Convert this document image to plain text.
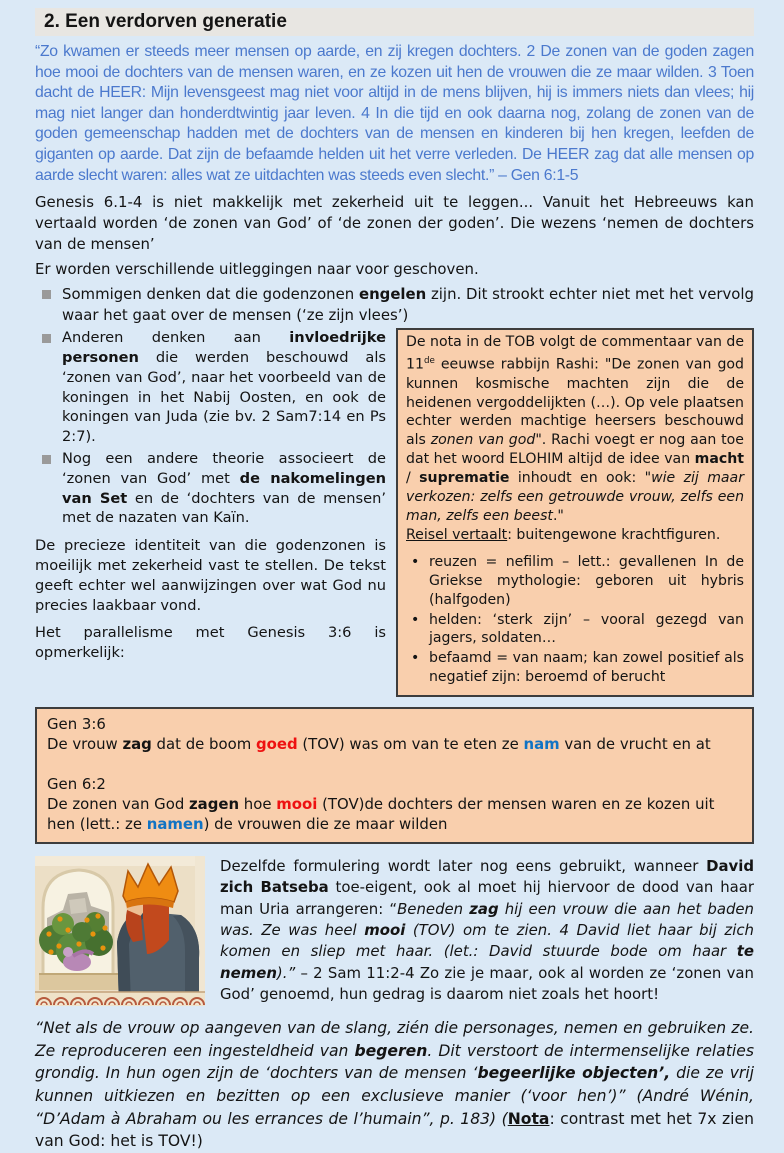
2. Een verdorven generatie

“Zo kwamen er steeds meer mensen op aarde, en zij kregen dochters. 2 De zonen van de goden zagen hoe mooi de dochters van de mensen waren, en ze kozen uit hen de vrouwen die ze maar wilden. 3 Toen dacht de HEER: Mijn levensgeest mag niet voor altijd in de mens blijven, hij is immers niets dan vlees; hij mag niet langer dan honderdtwintig jaar leven. 4 In die tijd en ook daarna nog, zolang de zonen van de goden gemeenschap hadden met de dochters van de mensen en kinderen bij hen kregen, leefden de giganten op aarde. Dat zijn de befaamde helden uit het verre verleden. De HEER zag dat alle mensen op aarde slecht waren: alles wat ze uitdachten was steeds even slecht.” – Gen 6:1-5

Genesis 6.1-4 is niet makkelijk met zekerheid uit te leggen... Vanuit het Hebreeuws kan vertaald worden ‘de zonen van God’ of ‘de zonen der goden’. Die wezens ‘nemen de dochters van de mensen’

Er worden verschillende uitleggingen naar voor geschoven.

Sommigen denken dat die godenzonen engelen zijn. Dit strookt echter niet met het vervolg waar het gaat over de mensen (‘ze zijn vlees’)
Anderen denken aan invloedrijke personen die werden beschouwd als ‘zonen van God’, naar het voorbeeld van de koningen in het Nabij Oosten, en ook de koningen van Juda (zie bv. 2 Sam7:14 en Ps 2:7).
Nog een andere theorie associeert de ‘zonen van God’ met de nakomelingen van Set en de ‘dochters van de mensen’ met de nazaten van Kaïn.

De precieze identiteit van die godenzonen is moeilijk met zekerheid vast te stellen. De tekst geeft echter wel aanwijzingen over wat God nu precies laakbaar vond.

Het parallelisme met Genesis 3:6 is opmerkelijk:

De nota in de TOB volgt de commentaar van de 11de eeuwse rabbijn Rashi: "De zonen van god kunnen kosmische machten zijn die de heidenen vergoddelijkten (…). Op vele plaatsen echter werden machtige heersers beschouwd als zonen van god". Rachi voegt er nog aan toe dat het woord ELOHIM altijd de idee van macht / suprematie inhoudt en ook: "wie zij maar verkozen: zelfs een getrouwde vrouw, zelfs een man, zelfs een beest."

Reisel vertaalt: buitengewone krachtfiguren.

• reuzen = nefilim – lett.: gevallenen In de Griekse mythologie: geboren uit hybris (halfgoden)
• helden: ‘sterk zijn’ – vooral gezegd van jagers, soldaten…
• befaamd = van naam; kan zowel positief als negatief zijn: beroemd of berucht

Gen 3:6

De vrouw zag dat de boom goed (TOV) was om van te eten ze nam van de vrucht en at

Gen 6:2

De zonen van God zagen hoe mooi (TOV)de dochters der mensen waren en ze kozen uit hen (lett.: ze namen) de vrouwen die ze maar wilden

Dezelfde formulering wordt later nog eens gebruikt, wanneer David zich Batseba toe-eigent, ook al moet hij hiervoor de dood van haar man Uria arrangeren: “Beneden zag hij een vrouw die aan het baden was. Ze was heel mooi (TOV) om te zien. 4 David liet haar bij zich komen en sliep met haar. (let.: David stuurde bode om haar te nemen).” – 2 Sam 11:2-4 Zo zie je maar, ook al worden ze ‘zonen van God’ genoemd, hun gedrag is daarom niet zoals het hoort!

“Net als de vrouw op aangeven van de slang, zién die personages, nemen en gebruiken ze. Ze reproduceren een ingesteldheid van begeren. Dit verstoort de intermenselijke relaties grondig. In hun ogen zijn de ‘dochters van de mensen ‘begeerlijke objecten’, die ze vrij kunnen uitkiezen en bezitten op een exclusieve manier (‘voor hen’)” (André Wénin, “D’Adam à Abraham ou les errances de l’humain”, p. 183) (Nota: contrast met het 7x zien van God: het is TOV!)
